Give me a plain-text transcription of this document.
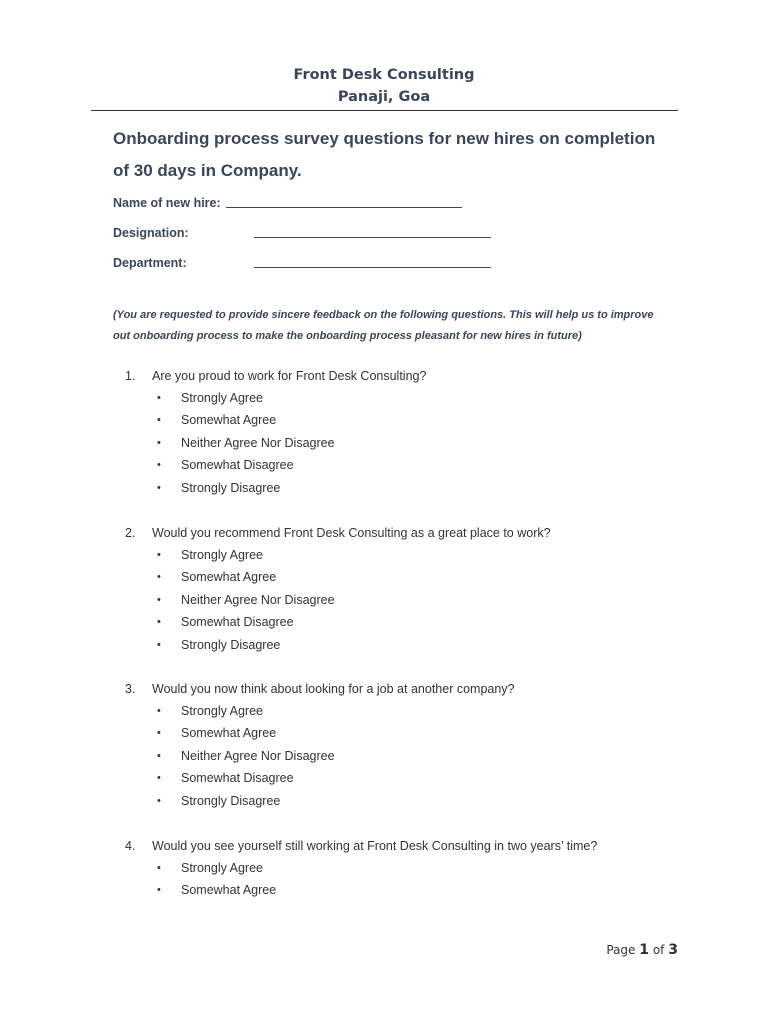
Front Desk Consulting
Panaji, Goa
Onboarding process survey questions for new hires on completion
of 30 days in Company.
Name of new hire:
Designation:
Department:
(You are requested to provide sincere feedback on the following questions. This will help us to improve
out onboarding process to make the onboarding process pleasant for new hires in future)
1. Are you proud to work for Front Desk Consulting?
• Strongly Agree
• Somewhat Agree
• Neither Agree Nor Disagree
• Somewhat Disagree
• Strongly Disagree
2. Would you recommend Front Desk Consulting as a great place to work?
• Strongly Agree
• Somewhat Agree
• Neither Agree Nor Disagree
• Somewhat Disagree
• Strongly Disagree
3. Would you now think about looking for a job at another company?
• Strongly Agree
• Somewhat Agree
• Neither Agree Nor Disagree
• Somewhat Disagree
• Strongly Disagree
4. Would you see yourself still working at Front Desk Consulting in two years’ time?
• Strongly Agree
• Somewhat Agree
Page 1 of 3
